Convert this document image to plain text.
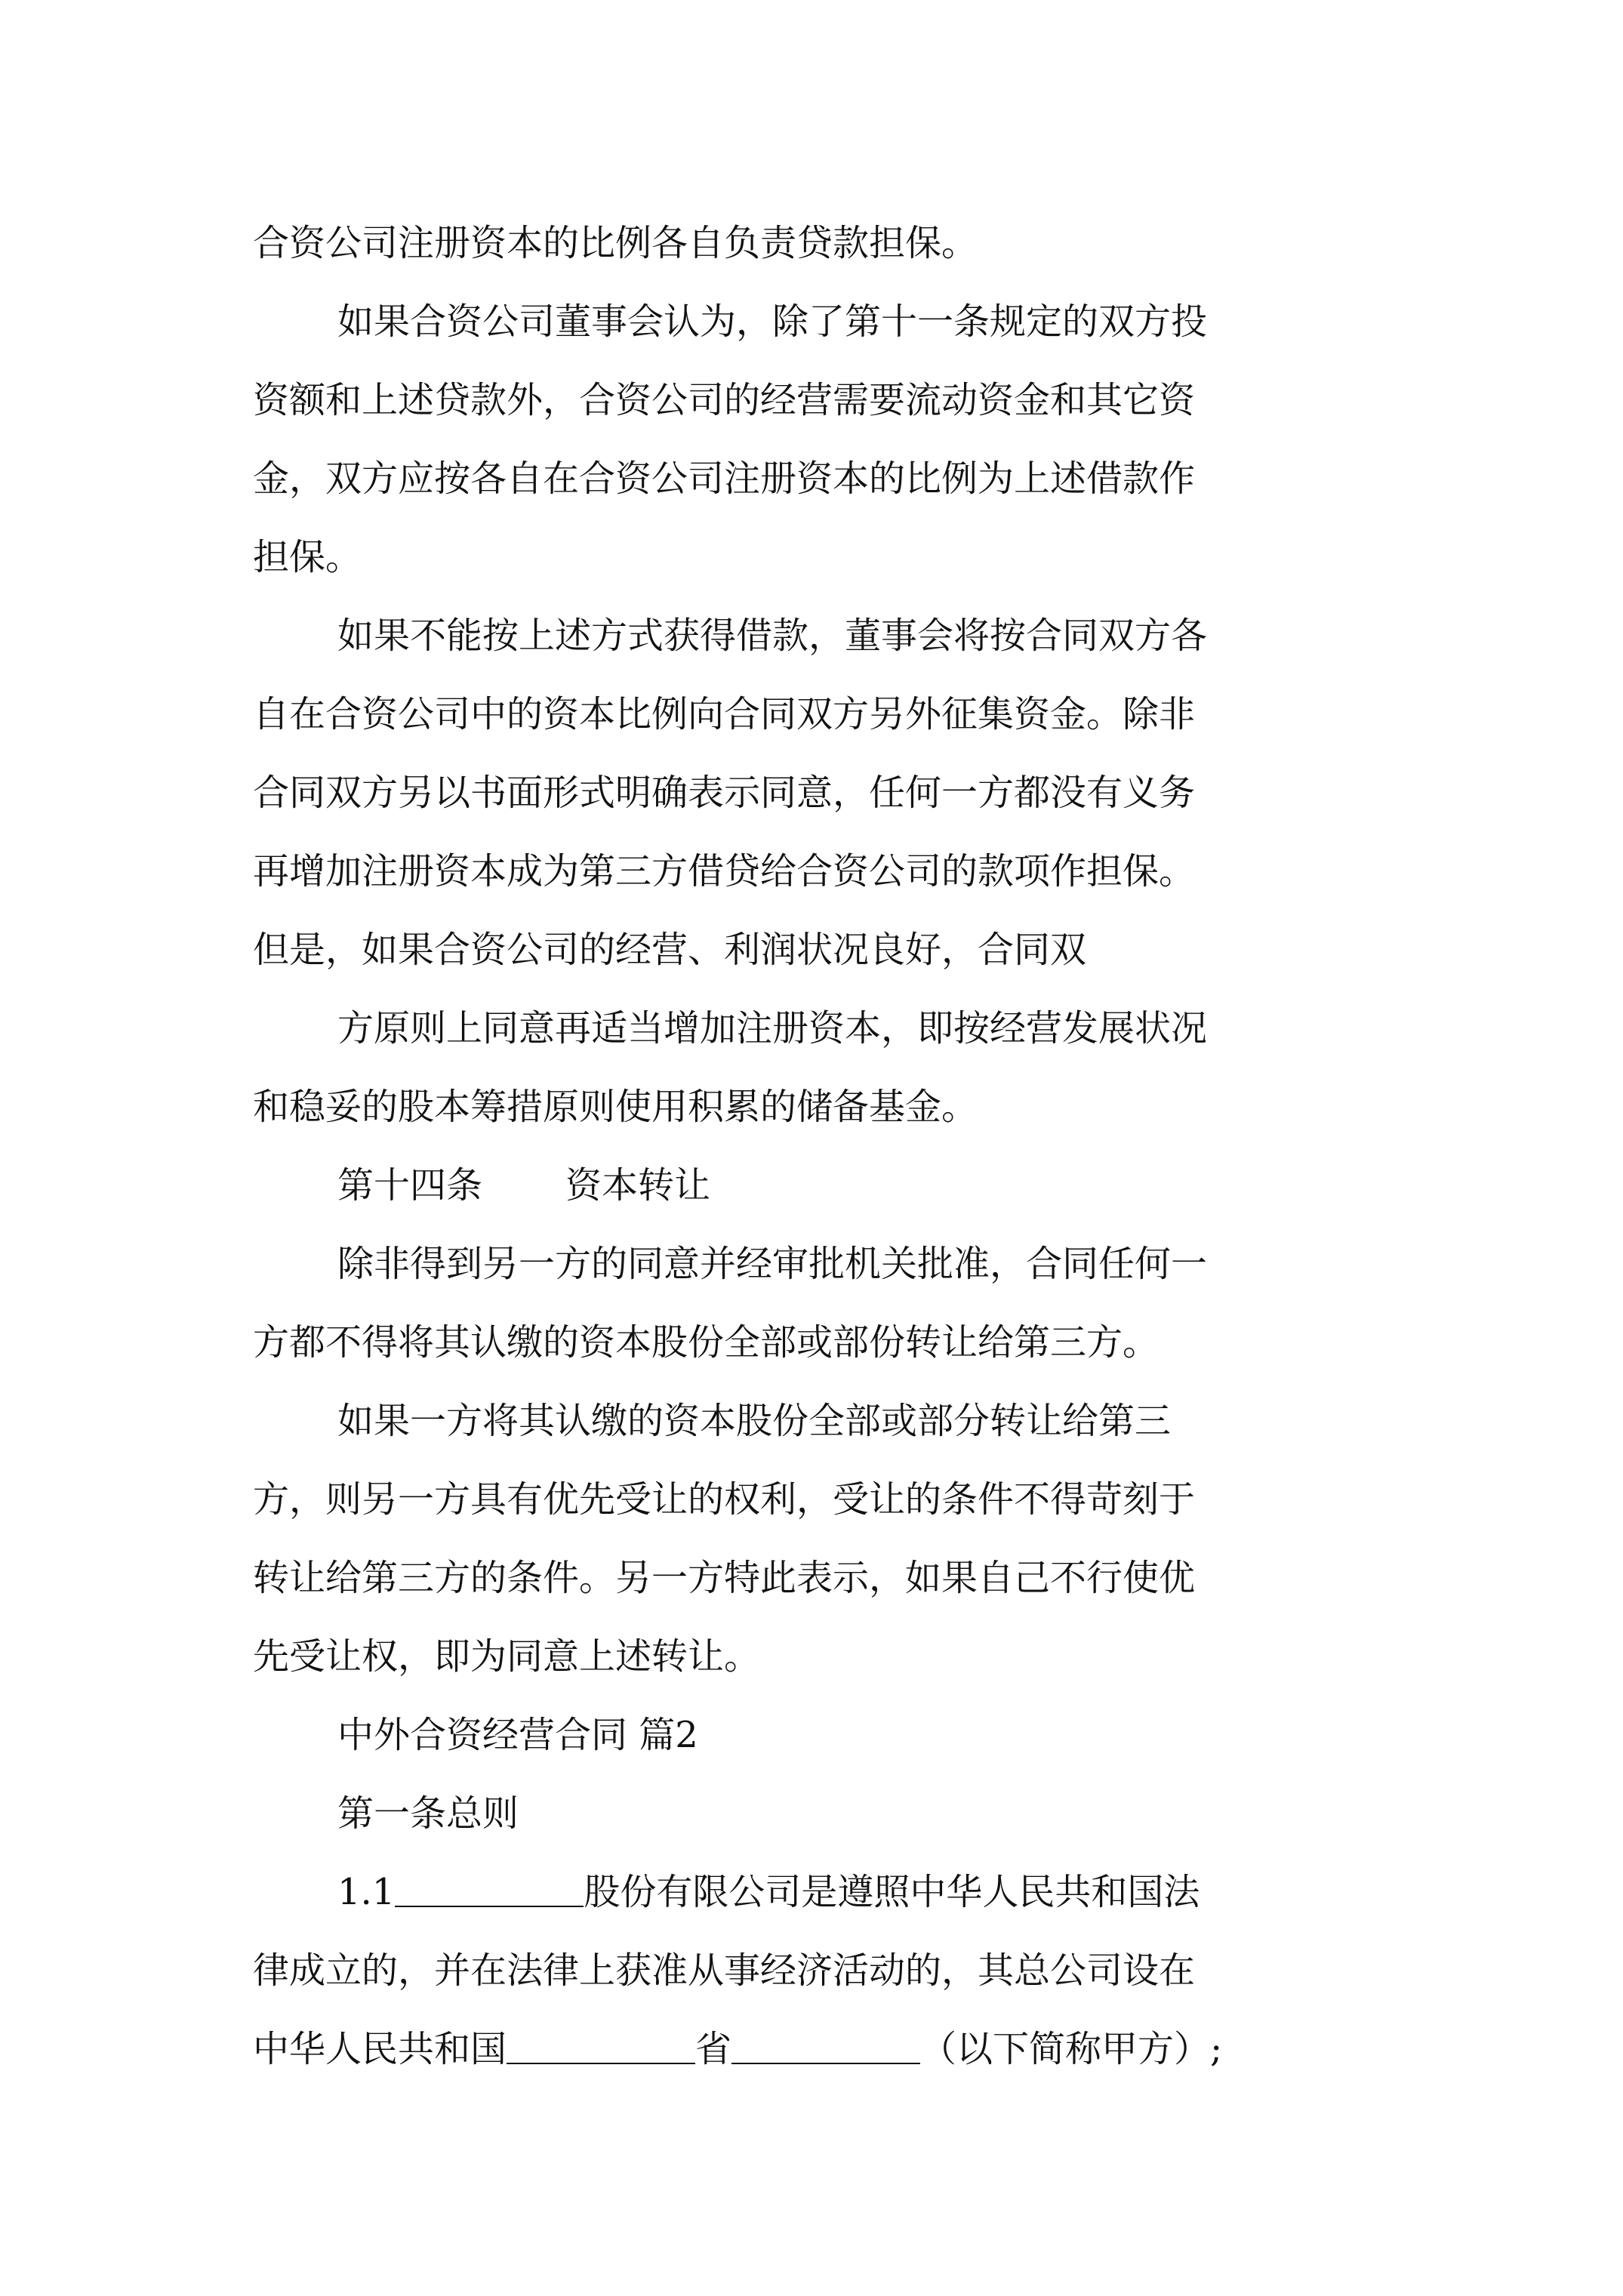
合资公司注册资本的比例各自负责贷款担保。
如果合资公司董事会认为，除了第十一条规定的双方投
资额和上述贷款外，合资公司的经营需要流动资金和其它资
金，双方应按各自在合资公司注册资本的比例为上述借款作
担保。
如果不能按上述方式获得借款，董事会将按合同双方各
自在合资公司中的资本比例向合同双方另外征集资金。除非
合同双方另以书面形式明确表示同意，任何一方都没有义务
再增加注册资本成为第三方借贷给合资公司的款项作担保。
但是，如果合资公司的经营、利润状况良好，合同双
方原则上同意再适当增加注册资本，即按经营发展状况
和稳妥的股本筹措原则使用积累的储备基金。
第十四条 资本转让
除非得到另一方的同意并经审批机关批准，合同任何一
方都不得将其认缴的资本股份全部或部份转让给第三方。
如果一方将其认缴的资本股份全部或部分转让给第三
方，则另一方具有优先受让的权利，受让的条件不得苛刻于
转让给第三方的条件。另一方特此表示，如果自己不行使优
先受让权，即为同意上述转让。
中外合资经营合同 篇2
第一条总则
1.1	股份有限公司是遵照中华人民共和国法
律成立的，并在法律上获准从事经济活动的，其总公司设在
中华人民共和国	省	（以下简称甲方）;
